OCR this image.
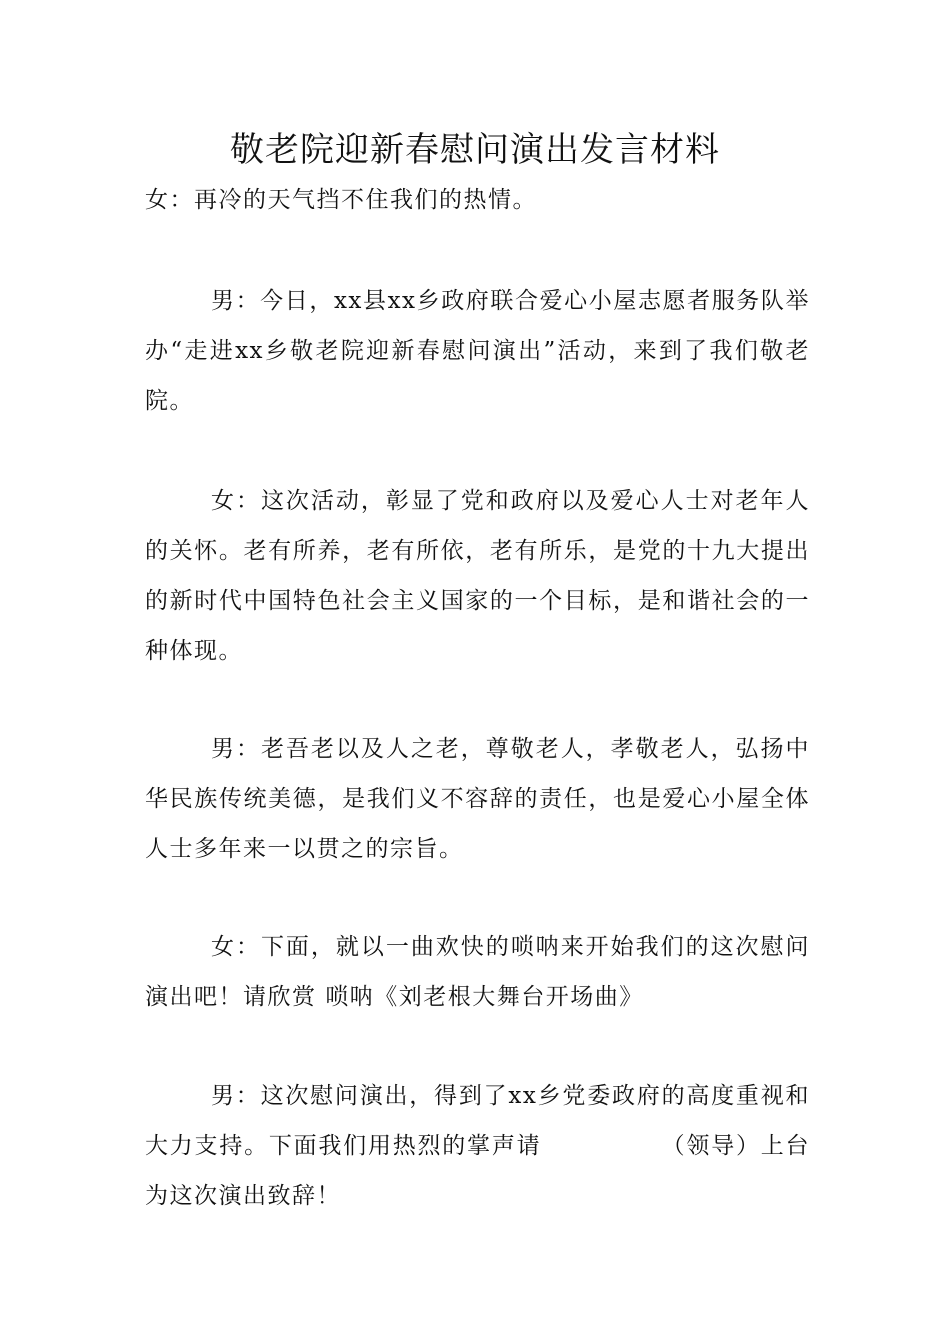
敬老院迎新春慰问演出发言材料

女：再冷的天气挡不住我们的热情。

男：今日，xx县xx乡政府联合爱心小屋志愿者服务队举办“走进xx乡敬老院迎新春慰问演出”活动，来到了我们敬老院。

女：这次活动，彰显了党和政府以及爱心人士对老年人的关怀。老有所养，老有所依，老有所乐，是党的十九大提出的新时代中国特色社会主义国家的一个目标，是和谐社会的一种体现。

男：老吾老以及人之老，尊敬老人，孝敬老人，弘扬中华民族传统美德，是我们义不容辞的责任，也是爱心小屋全体人士多年来一以贯之的宗旨。

女：下面，就以一曲欢快的唢呐来开始我们的这次慰问演出吧！请欣赏 唢呐《刘老根大舞台开场曲》

男：这次慰问演出，得到了xx乡党委政府的高度重视和大力支持。下面我们用热烈的掌声请	（领导）上台为这次演出致辞！
